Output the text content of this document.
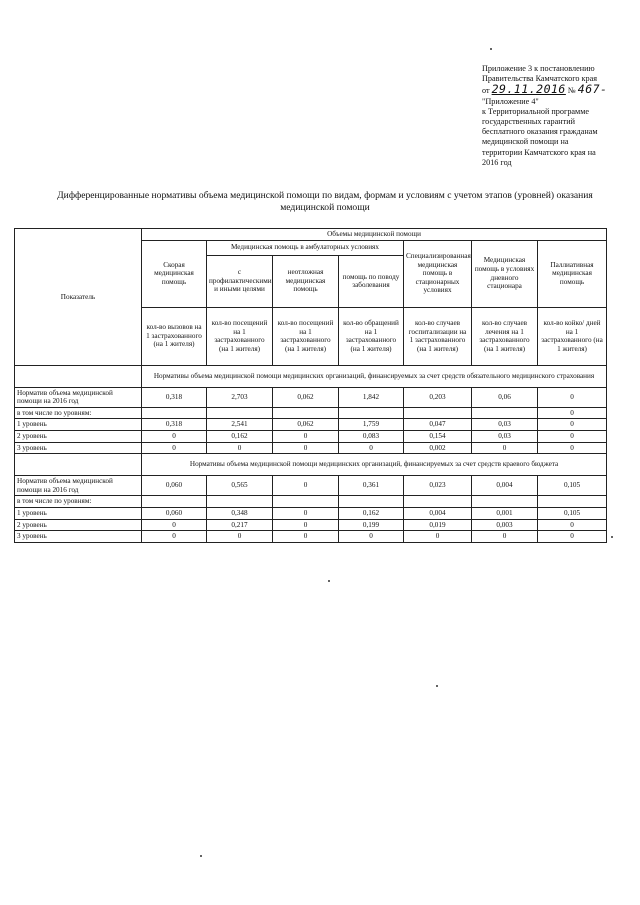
Приложение 3 к постановлению
Правительства Камчатского края
от 29.11.2016 № 467-
"Приложение 4"
к Территориальной программе
государственных гарантий
бесплатного оказания гражданам
медицинской помощи на
территории Камчатского края на
2016 год
Дифференцированные нормативы объема медицинской помощи по видам, формам и условиям с учетом этапов (уровней) оказания медицинской помощи
Показатель	Объемы медицинской помощи						
	Скорая медицинская помощь	Медицинская помощь в амбулаторных условиях			Специализированная медицинская помощь в стационарных условиях	Медицинская помощь в условиях дневного стационара	Паллиативная медицинская помощь
		с профилактическими и иными целями	неотложная медицинская помощь	помощь по поводу заболевания			
	кол-во вызовов на 1 застрахованного (на 1 жителя)	кол-во посещений на 1 застрахованного (на 1 жителя)	кол-во посещений на 1 застрахованного (на 1 жителя)	кол-во обращений на 1 застрахованного (на 1 жителя)	кол-во случаев госпитализации на 1 застрахованного (на 1 жителя)	кол-во случаев лечения на 1 застрахованного (на 1 жителя)	кол-во койко/ дней на 1 застрахованного (на 1 жителя)
	Нормативы объема медицинской помощи медицинских организаций, финансируемых за счет средств обязательного медицинского страхования						
Норматив объема медицинской помощи на 2016 год	0,318	2,703	0,062	1,842	0,203	0,06	0
в том числе по уровням:							0
1 уровень	0,318	2,541	0,062	1,759	0,047	0,03	0
2 уровень	0	0,162	0	0,083	0,154	0,03	0
3 уровень	0	0	0	0	0,002	0	0
	Нормативы объема медицинской помощи медицинских организаций, финансируемых за счет средств краевого бюджета						
Норматив объема медицинской помощи на 2016 год	0,060	0,565	0	0,361	0,023	0,004	0,105
в том числе по уровням:							
1 уровень	0,060	0,348	0	0,162	0,004	0,001	0,105
2 уровень	0	0,217	0	0,199	0,019	0,003	0
3 уровень	0	0	0	0	0	0	0
